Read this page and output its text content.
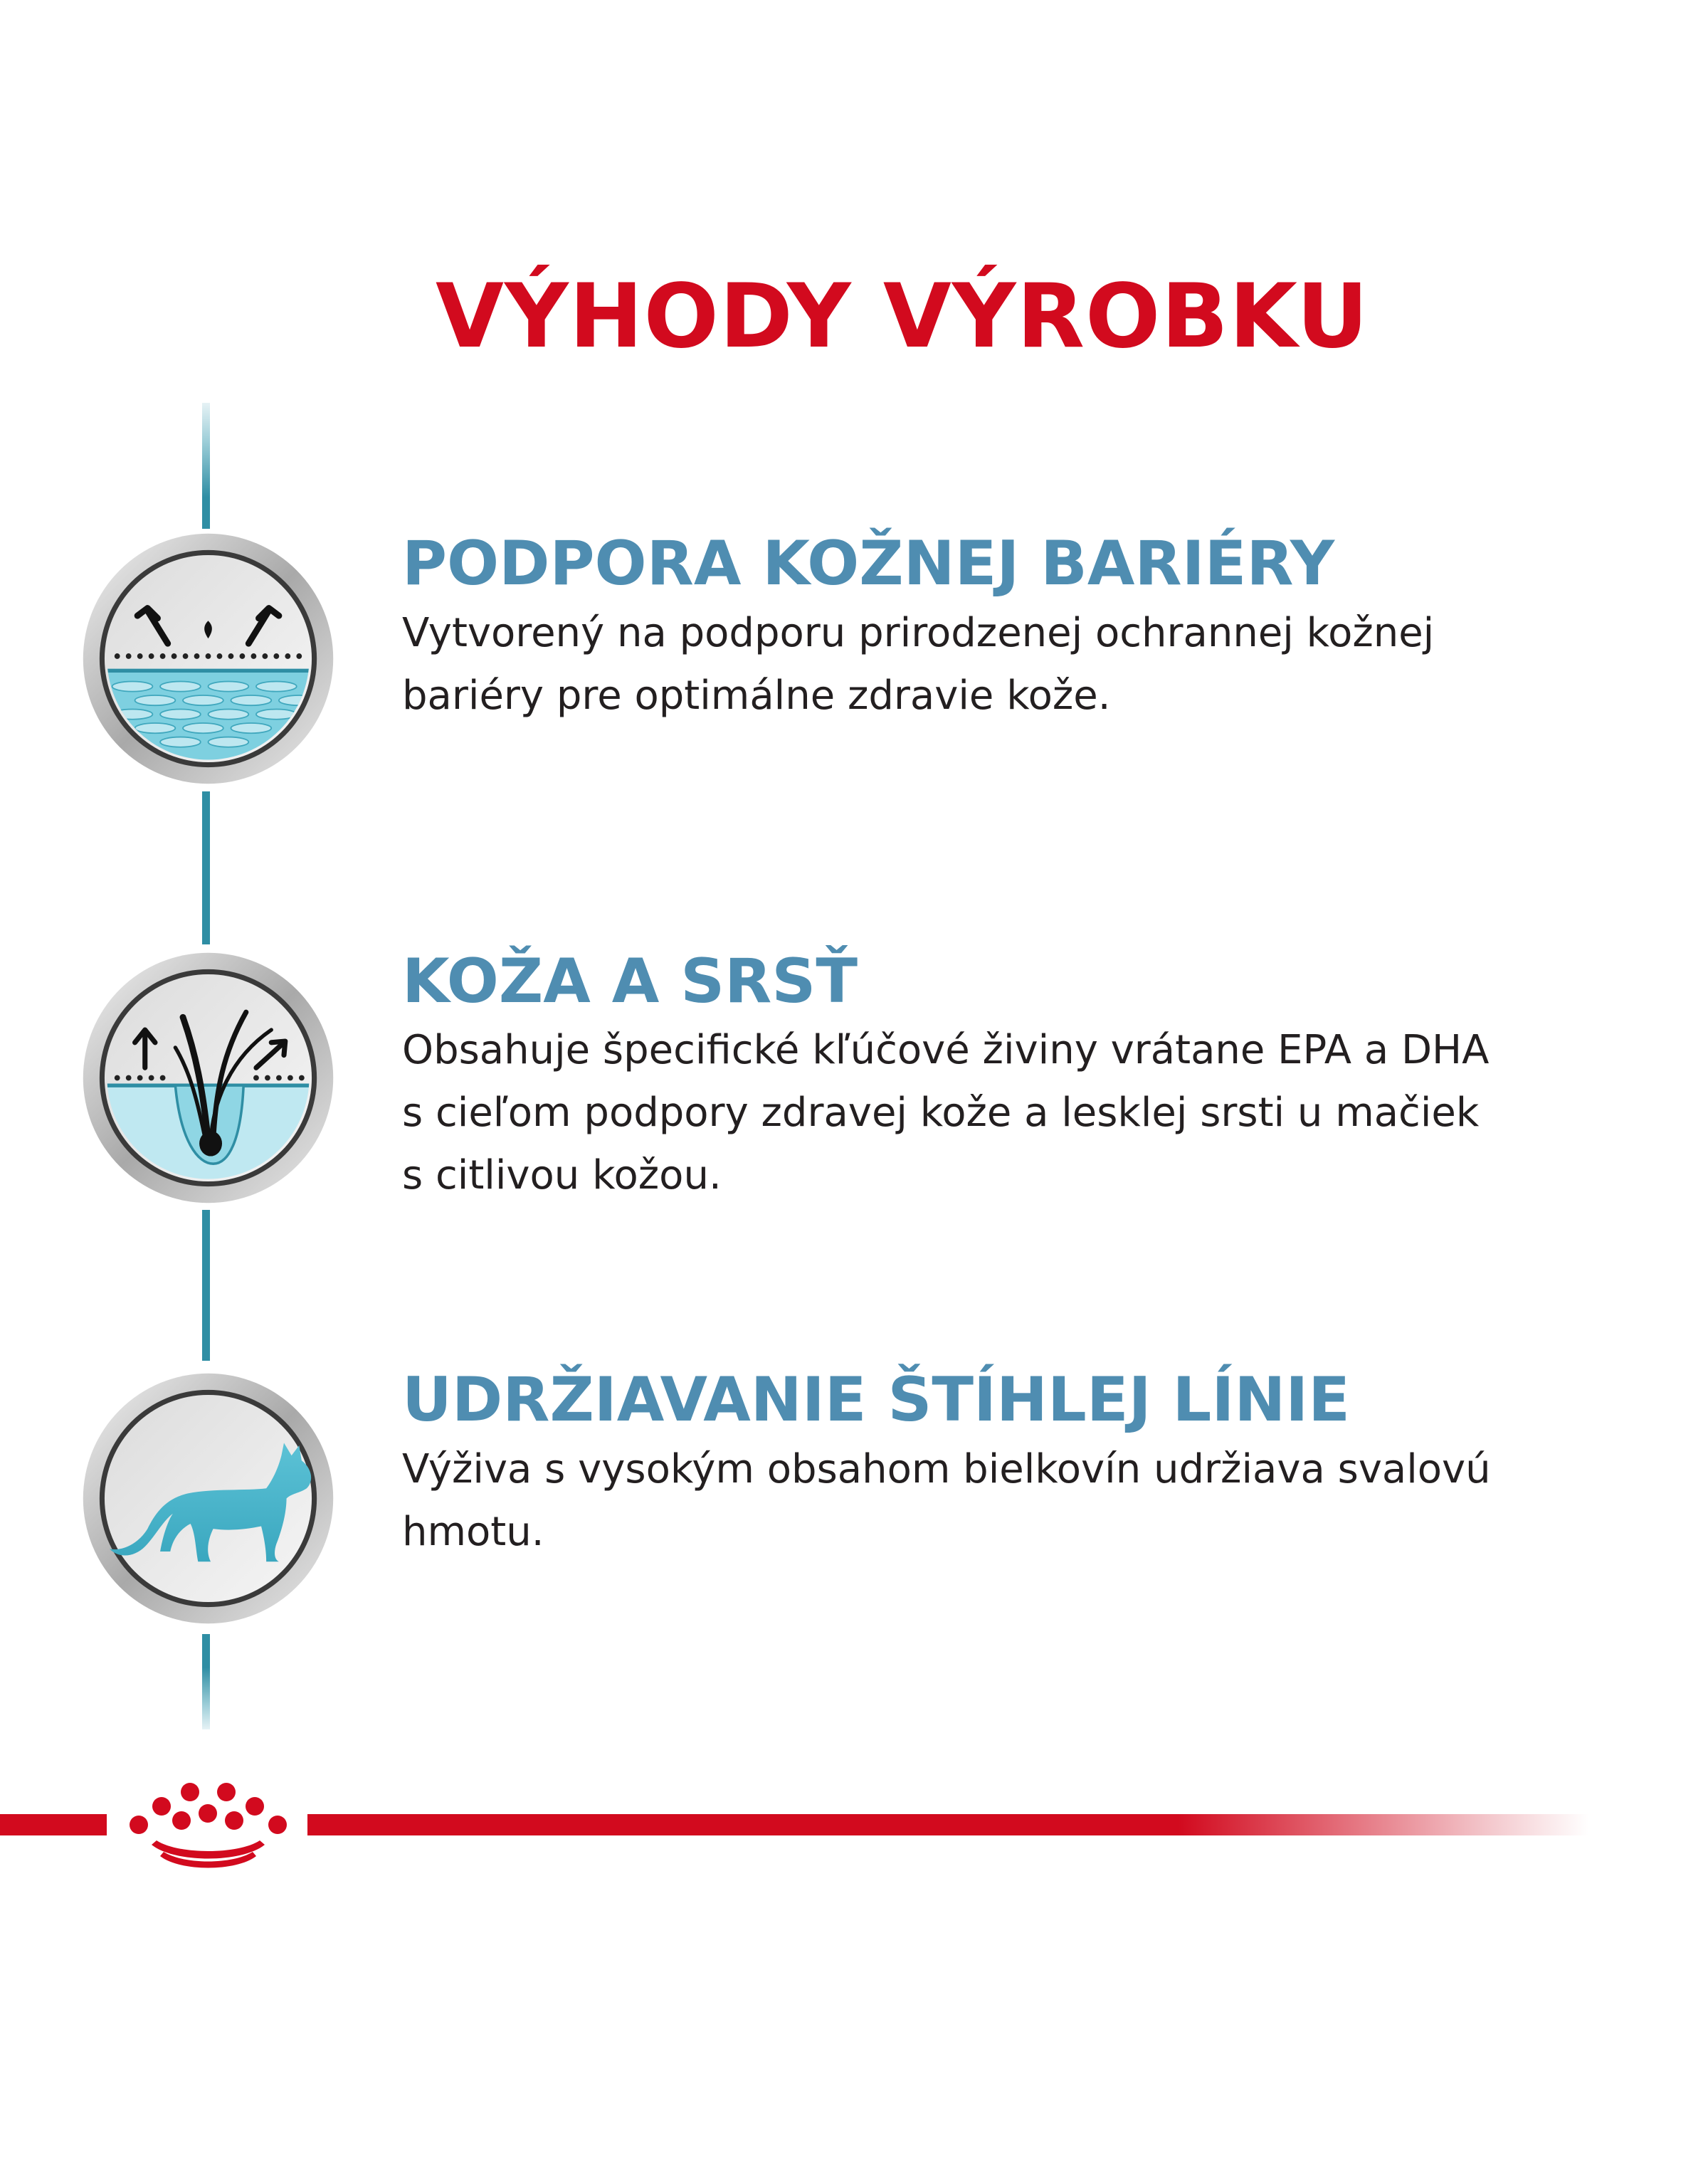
VÝHODY VÝROBKU
PODPORA KOŽNEJ BARIÉRY

Vytvorený na podporu prirodzenej ochrannej kožnej
bariéry pre optimálne zdravie kože.

KOŽA A SRSŤ

Obsahuje špecifické kľúčové živiny vrátane EPA a DHA
s cieľom podpory zdravej kože a lesklej srsti u mačiek
s citlivou kožou.

UDRŽIAVANIE ŠTÍHLEJ LÍNIE

Výživa s vysokým obsahom bielkovín udržiava svalovú
hmotu.
